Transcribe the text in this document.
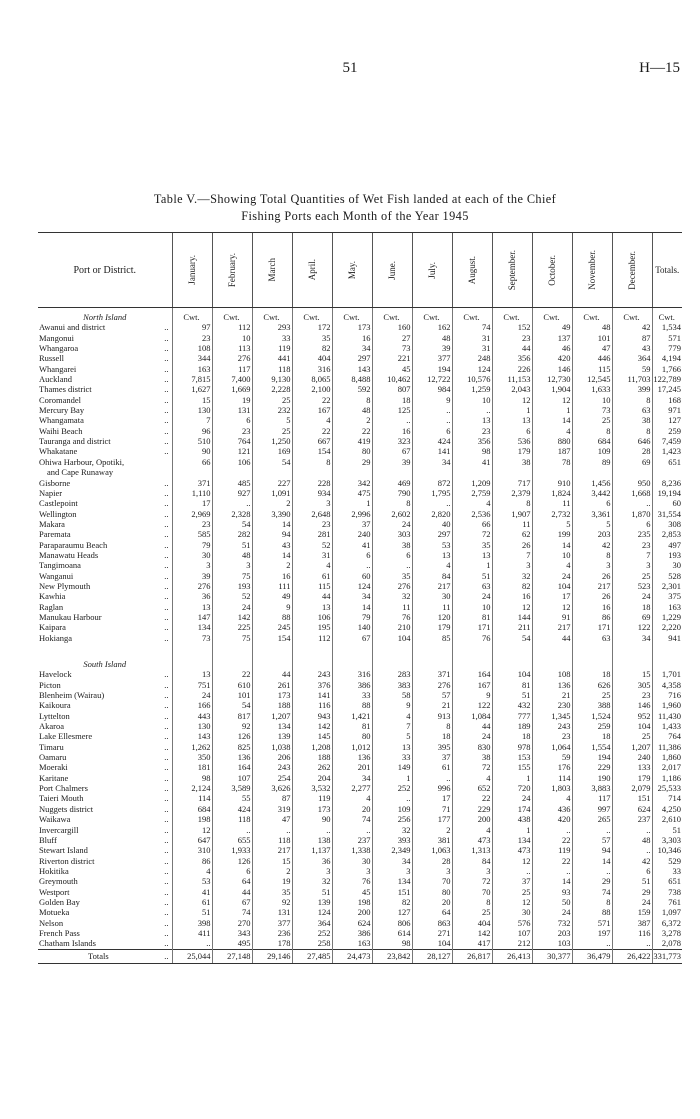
51	H—15
Table V.—Showing Total Quantities of Wet Fish landed at each of the Chief
Fishing Ports each Month of the Year 1945
Port or District.	January.	February.	March	April.	May.	June.	July.	August.	September.	October.	November.	December.	Totals.
North Island	Cwt.	Cwt.	Cwt.	Cwt.	Cwt.	Cwt.	Cwt.	Cwt.	Cwt.	Cwt.	Cwt.	Cwt.	Cwt.
Awanui and district ..	97	112	293	172	173	160	162	74	152	49	48	42	1,534
Mangonui ..	23	10	33	35	16	27	48	31	23	137	101	87	571
Whangaroa ..	108	113	119	82	34	73	39	31	44	46	47	43	779
Russell ..	344	276	441	404	297	221	377	248	356	420	446	364	4,194
Whangarei ..	163	117	118	316	143	45	194	124	226	146	115	59	1,766
Auckland ..	7,815	7,400	9,130	8,065	8,488	10,462	12,722	10,576	11,153	12,730	12,545	11,703	122,789
Thames district ..	1,627	1,669	2,228	2,100	592	807	984	1,259	2,043	1,904	1,633	399	17,245
Coromandel ..	15	19	25	22	8	18	9	10	12	12	10	8	168
Mercury Bay ..	130	131	232	167	48	125	..	..	1	1	73	63	971
Whangamata ..	7	6	5	4	2	..	..	13	13	14	25	38	127
Waihi Beach ..	96	23	25	22	22	16	6	23	6	4	8	8	259
Tauranga and district ..	510	764	1,250	667	419	323	424	356	536	880	684	646	7,459
Whakatane ..	90	121	169	154	80	67	141	98	179	187	109	28	1,423
Ohiwa Harbour, Opotiki,	66	106	54	8	29	39	34	41	38	78	89	69	651
and Cape Runaway													
Gisborne ..	371	485	227	228	342	469	872	1,209	717	910	1,456	950	8,236
Napier ..	1,110	927	1,091	934	475	790	1,795	2,759	2,379	1,824	3,442	1,668	19,194
Castlepoint ..	17	..	2	3	1	8	..	4	8	11	6	..	60
Wellington ..	2,969	2,328	3,390	2,648	2,996	2,602	2,820	2,536	1,907	2,732	3,361	1,870	31,554
Makara ..	23	54	14	23	37	24	40	66	11	5	5	6	308
Paremata ..	585	282	94	281	240	303	297	72	62	199	203	235	2,853
Paraparaumu Beach ..	79	51	43	52	41	38	53	35	26	14	42	23	497
Manawatu Heads ..	30	48	14	31	6	6	13	13	7	10	8	7	193
Tangimoana ..	3	3	2	4	..	..	4	1	3	4	3	3	30
Wanganui ..	39	75	16	61	60	35	84	51	32	24	26	25	528
New Plymouth ..	276	193	111	115	124	276	217	63	82	104	217	523	2,301
Kawhia ..	36	52	49	44	34	32	30	24	16	17	26	24	375
Raglan ..	13	24	9	13	14	11	11	10	12	12	16	18	163
Manukau Harbour ..	147	142	88	106	79	76	120	81	144	91	86	69	1,229
Kaipara ..	134	225	245	195	140	210	179	171	211	217	171	122	2,220
Hokianga ..	73	75	154	112	67	104	85	76	54	44	63	34	941

South Island													
Havelock ..	13	22	44	243	316	283	371	164	104	108	18	15	1,701
Picton ..	751	610	261	376	386	383	276	167	81	136	626	305	4,358
Blenheim (Wairau) ..	24	101	173	141	33	58	57	9	51	21	25	23	716
Kaikoura ..	166	54	188	116	88	9	21	122	432	230	388	146	1,960
Lyttelton ..	443	817	1,207	943	1,421	4	913	1,084	777	1,345	1,524	952	11,430
Akaroa ..	130	92	134	142	81	7	8	44	189	243	259	104	1,433
Lake Ellesmere ..	143	126	139	145	80	5	18	24	18	23	18	25	764
Timaru ..	1,262	825	1,038	1,208	1,012	13	395	830	978	1,064	1,554	1,207	11,386
Oamaru ..	350	136	206	188	136	33	37	38	153	59	194	240	1,860
Moeraki ..	181	164	243	262	201	149	61	72	155	176	229	133	2,017
Karitane ..	98	107	254	204	34	1	..	4	1	114	190	179	1,186
Port Chalmers ..	2,124	3,589	3,626	3,532	2,277	252	996	652	720	1,803	3,883	2,079	25,533
Taieri Mouth ..	114	55	87	119	4	..	17	22	24	4	117	151	714
Nuggets district ..	684	424	319	173	20	109	71	229	174	436	997	624	4,250
Waikawa ..	198	118	47	90	74	256	177	200	438	420	265	237	2,610
Invercargill ..	12	..	..	..	..	32	2	4	1	..	..	..	51
Bluff ..	647	655	118	138	237	393	381	473	134	22	57	48	3,303
Stewart Island ..	310	1,933	217	1,137	1,338	2,349	1,063	1,313	473	119	94	..	10,346
Riverton district ..	86	126	15	36	30	34	28	84	12	22	14	42	529
Hokitika ..	4	6	2	3	3	3	3	3	..	..	..	6	33
Greymouth ..	53	64	19	32	76	134	70	72	37	14	29	51	651
Westport ..	41	44	35	51	45	151	80	70	25	93	74	29	738
Golden Bay ..	61	67	92	139	198	82	20	8	12	50	8	24	761
Motueka ..	51	74	131	124	200	127	64	25	30	24	88	159	1,097
Nelson ..	398	270	377	364	624	806	863	404	576	732	571	387	6,372
French Pass ..	411	343	236	252	386	614	271	142	107	203	197	116	3,278
Chatham Islands ..	..	495	178	258	163	98	104	417	212	103	..	..	2,078
Totals ..	25,044	27,148	29,146	27,485	24,473	23,842	28,127	26,817	26,413	30,377	36,479	26,422	331,773
